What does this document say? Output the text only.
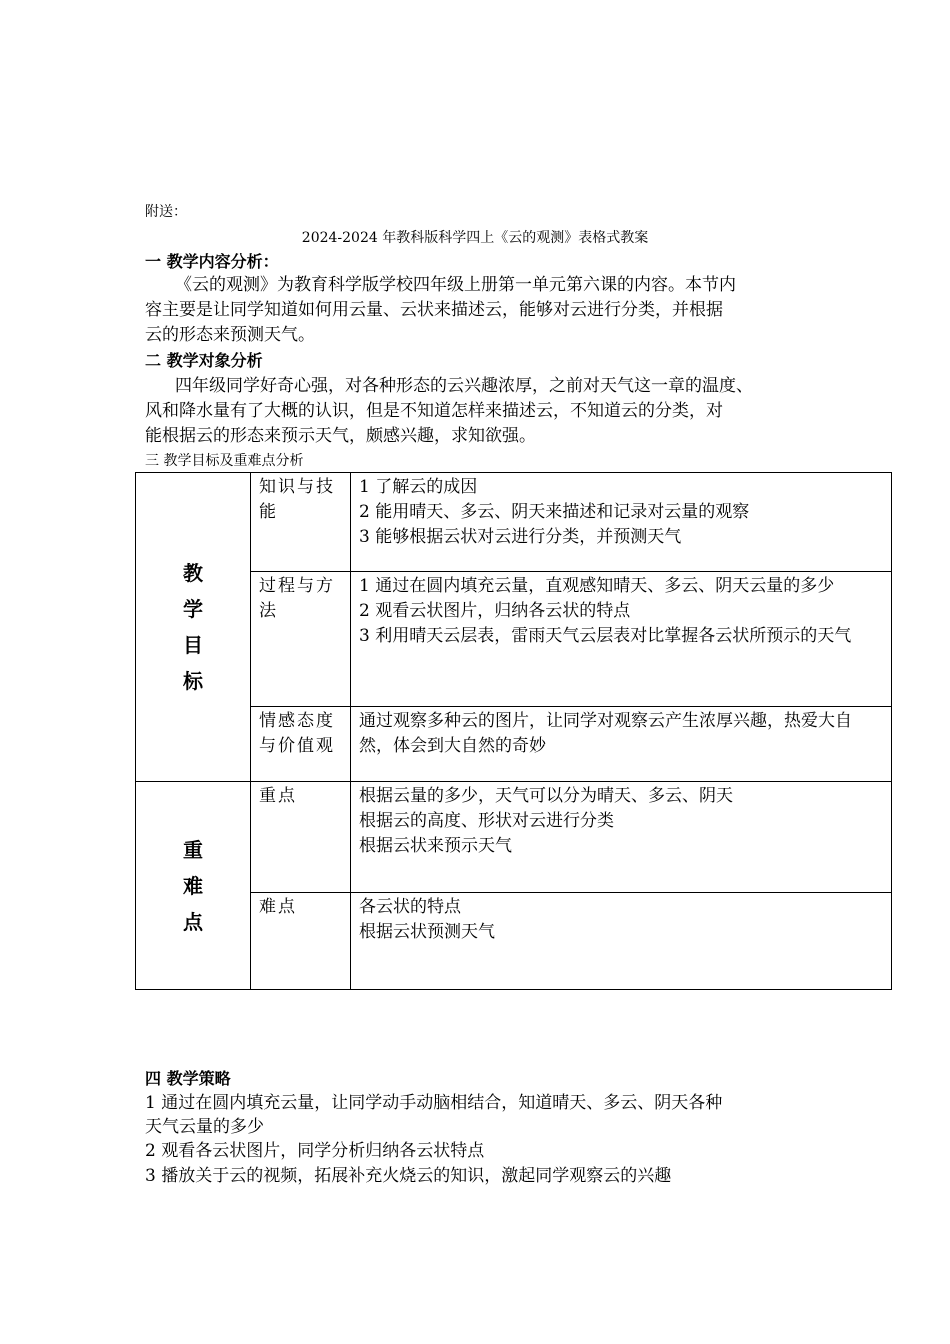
附送：
2024-2024 年教科版科学四上《云的观测》表格式教案
一 教学内容分析：
《云的观测》为教育科学版学校四年级上册第一单元第六课的内容。本节内
容主要是让同学知道如何用云量、云状来描述云，能够对云进行分类，并根据
云的形态来预测天气。
二 教学对象分析
四年级同学好奇心强，对各种形态的云兴趣浓厚，之前对天气这一章的温度、
风和降水量有了大概的认识，但是不知道怎样来描述云，不知道云的分类，对
能根据云的形态来预示天气，颇感兴趣，求知欲强。
三 教学目标及重难点分析
教
学
目
标	知识与技能	1 了解云的成因
2 能用晴天、多云、阴天来描述和记录对云量的观察
3 能够根据云状对云进行分类，并预测天气

	过程与方法	1 通过在圆内填充云量，直观感知晴天、多云、阴天云量的多少
2 观看云状图片，归纳各云状的特点
3 利用晴天云层表，雷雨天气云层表对比掌握各云状所预示的天气

	情感态度与价值观	通过观察多种云的图片，让同学对观察云产生浓厚兴趣，热爱大自然，体会到大自然的奇妙

重
难
点	重点	根据云量的多少，天气可以分为晴天、多云、阴天
根据云的高度、形状对云进行分类
根据云状来预示天气

	难点	各云状的特点
根据云状预测天气
四 教学策略
1 通过在圆内填充云量，让同学动手动脑相结合，知道晴天、多云、阴天各种
天气云量的多少
2 观看各云状图片，同学分析归纳各云状特点
3 播放关于云的视频，拓展补充火烧云的知识，激起同学观察云的兴趣
